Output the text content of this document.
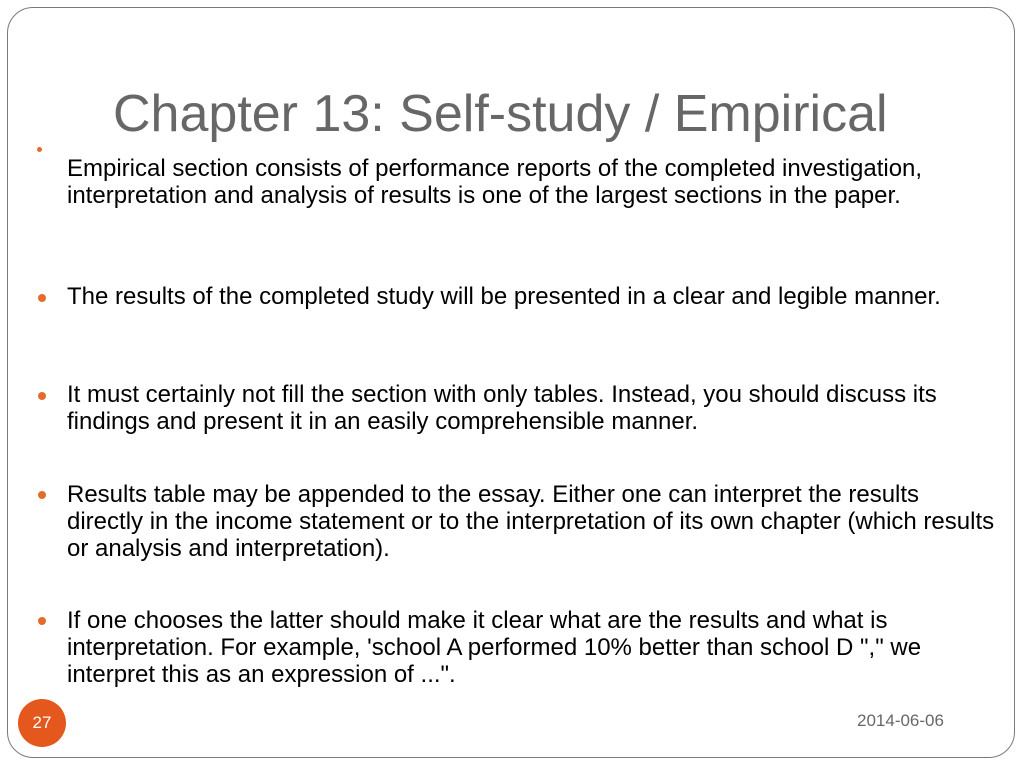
Chapter 13: Self-study / Empirical
Empirical section consists of performance reports of the completed investigation, interpretation and analysis of results is one of the largest sections in the paper.
The results of the completed study will be presented in a clear and legible manner.
It must certainly not fill the section with only tables. Instead, you should discuss its findings and present it in an easily comprehensible manner.
Results table may be appended to the essay. Either one can interpret the results directly in the income statement or to the interpretation of its own chapter (which results or analysis and interpretation).
If one chooses the latter should make it clear what are the results and what is interpretation. For example, 'school A performed 10% better than school D "," we interpret this as an expression of ...".
27	2014-06-06
